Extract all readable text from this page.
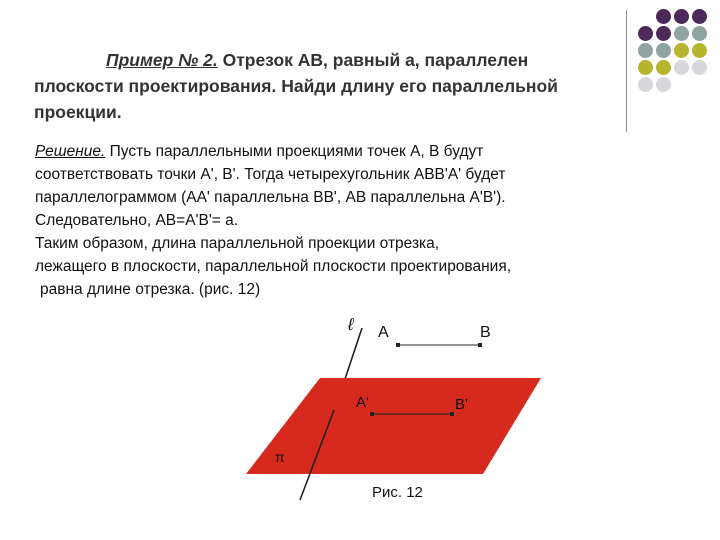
Пример № 2. Отрезок АВ, равный а, параллелен плоскости проектирования. Найди длину его параллельной проекции.
Решение. Пусть параллельными проекциями точек А, В будут
соответствовать точки А', В'. Тогда четырехугольник АВВ'А' будет
параллелограммом (АА' параллельна ВВ', АВ параллельна А'В').
Следовательно, АВ=А'В'= а.
Таким образом, длина параллельной проекции отрезка,
лежащего в плоскости, параллельной плоскости проектирования,
равна длине отрезка. (рис. 12)
ℓ A	B
A'	B'
π
Рис. 12
